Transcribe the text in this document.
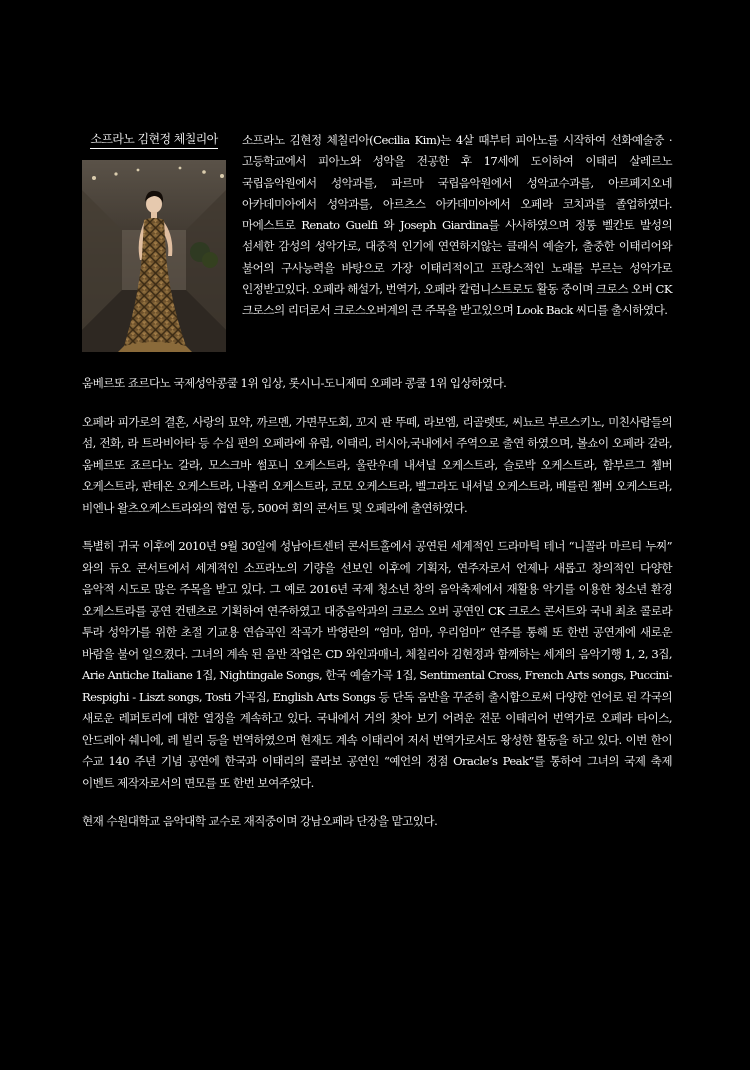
소프라노 김현정 체칠리아	소프라노 김현정 체칠리아(Cecilia Kim)는 4살 때부터 피아노를 시작하여 선화예술중 · 고등학교에서 피아노와 성악을 전공한 후 17세에 도이하여 이태리 살레르노 국립음악원에서 성악과를, 파르마 국립음악원에서 성악교수과를, 아르페지오네 아카데미아에서 성악과를, 아르츠스 아카데미아에서 오페라 코치과를 졸업하였다. 마에스트로 Renato Guelfi 와 Joseph Giardina를 사사하였으며 정통 벨칸토 발성의 섬세한 감성의 성악가로, 대중적 인기에 연연하지않는 클래식 예술가, 출중한 이태리어와 불어의 구사능력을 바탕으로 가장 이태리적이고 프랑스적인 노래를 부르는 성악가로 인정받고있다. 오페라 해설가, 번역가, 오페라 칼럼니스트로도 활동 중이며 크로스 오버 CK 크로스의 리더로서 크로스오버계의 큰 주목을 받고있으며 Look Back 씨디를 출시하였다.

움베르또 죠르다노 국제성악콩쿨 1위 입상, 롯시니-도니제띠 오페라 콩쿨 1위 입상하였다.

오페라 피가로의 결혼, 사랑의 묘약, 까르멘, 가면무도회, 꼬지 판 뚜떼, 라보엠, 리골렛또, 씨뇨르 부르스키노, 미친사람들의 섬, 전화, 라 트라비아타 등 수십 편의 오페라에 유럽, 이태리, 러시아,국내에서 주역으로 출연 하였으며, 볼쇼이 오페라 갈라, 움베르또 죠르다노 갈라, 모스크바 썸포니 오케스트라, 울란우데 내셔널 오케스트라, 슬로박 오케스트라, 함부르그 쳄버 오케스트라, 판테온 오케스트라, 나폴리 오케스트라, 코모 오케스트라, 벨그라도 내셔널 오케스트라, 베를린 쳄버 오케스트라, 비엔나 왈츠오케스트라와의 협연 등, 500여 회의 콘서트 및 오페라에 출연하였다.

특별히 귀국 이후에 2010년 9월 30일에 성남아트센터 콘서트홀에서 공연된 세계적인 드라마틱 테너 “니꼴라 마르티 누찌” 와의 듀오 콘서트에서 세계적인 소프라노의 기량을 선보인 이후에 기획자, 연주자로서 언제나 새롭고 창의적인 다양한 음악적 시도로 많은 주목을 받고 있다. 그 예로 2016년 국제 청소년 창의 음악축제에서 재활용 악기를 이용한 청소년 환경 오케스트라를 공연 컨텐츠로 기획하여 연주하였고 대중음악과의 크로스 오버 공연인 CK 크로스 콘서트와 국내 최초 콜로라 투라 성악가를 위한 초절 기교용 연습곡인 작곡가 박영란의 “엄마, 엄마, 우리엄마” 연주를 통해 또 한번 공연계에 새로운 바람을 불어 일으켰다. 그녀의 계속 된 음반 작업은 CD 와인과매너, 체칠리아 김현정과 함께하는 세계의 음악기행 1, 2, 3집, Arie Antiche Italiane 1집, Nightingale Songs, 한국 예술가곡 1집, Sentimental Cross, French Arts songs, Puccini-Respighi - Liszt songs, Tosti 가곡집, English Arts Songs 등 단독 음반을 꾸준히 출시함으로써 다양한 언어로 된 각국의 새로운 레퍼토리에 대한 열정을 계속하고 있다. 국내에서 거의 찾아 보기 어려운 전문 이태리어 번역가로 오페라 타이스, 안드레아 쉐니에, 레 빌리 등을 번역하였으며 현재도 계속 이태리어 저서 번역가로서도 왕성한 활동을 하고 있다. 이번 한이 수교 140 주년 기념 공연에 한국과 이태리의 콜라보 공연인 “예언의 정점 Oracle’s Peak”를 통하여 그녀의 국제 축제 이벤트 제작자로서의 면모를 또 한번 보여주었다.

현재 수원대학교 음악대학 교수로 재직중이며 강남오페라 단장을 맡고있다.
